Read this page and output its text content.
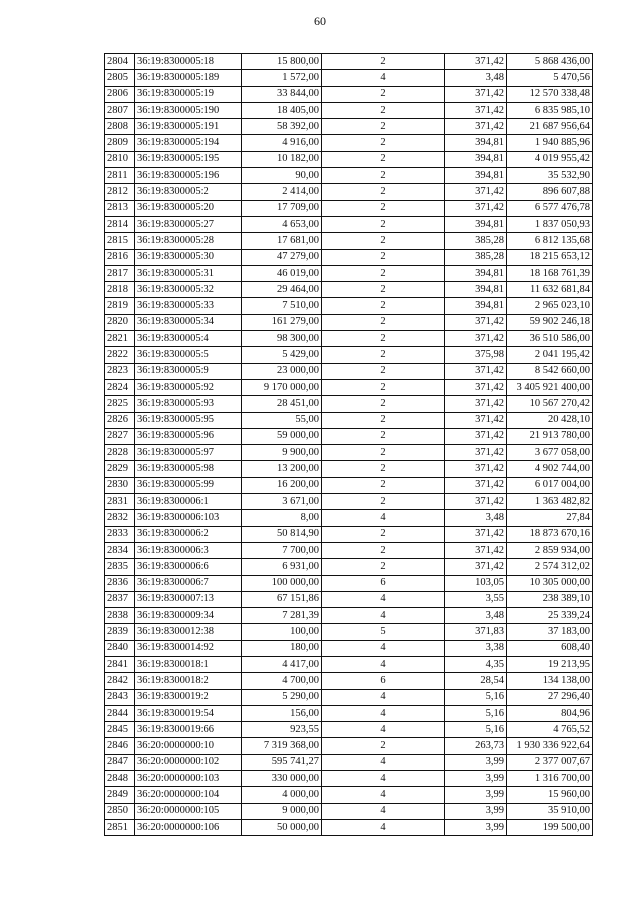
60
2804	36:19:8300005:18	15 800,00	2	371,42	5 868 436,00
2805	36:19:8300005:189	1 572,00	4	3,48	5 470,56
2806	36:19:8300005:19	33 844,00	2	371,42	12 570 338,48
2807	36:19:8300005:190	18 405,00	2	371,42	6 835 985,10
2808	36:19:8300005:191	58 392,00	2	371,42	21 687 956,64
2809	36:19:8300005:194	4 916,00	2	394,81	1 940 885,96
2810	36:19:8300005:195	10 182,00	2	394,81	4 019 955,42
2811	36:19:8300005:196	90,00	2	394,81	35 532,90
2812	36:19:8300005:2	2 414,00	2	371,42	896 607,88
2813	36:19:8300005:20	17 709,00	2	371,42	6 577 476,78
2814	36:19:8300005:27	4 653,00	2	394,81	1 837 050,93
2815	36:19:8300005:28	17 681,00	2	385,28	6 812 135,68
2816	36:19:8300005:30	47 279,00	2	385,28	18 215 653,12
2817	36:19:8300005:31	46 019,00	2	394,81	18 168 761,39
2818	36:19:8300005:32	29 464,00	2	394,81	11 632 681,84
2819	36:19:8300005:33	7 510,00	2	394,81	2 965 023,10
2820	36:19:8300005:34	161 279,00	2	371,42	59 902 246,18
2821	36:19:8300005:4	98 300,00	2	371,42	36 510 586,00
2822	36:19:8300005:5	5 429,00	2	375,98	2 041 195,42
2823	36:19:8300005:9	23 000,00	2	371,42	8 542 660,00
2824	36:19:8300005:92	9 170 000,00	2	371,42	3 405 921 400,00
2825	36:19:8300005:93	28 451,00	2	371,42	10 567 270,42
2826	36:19:8300005:95	55,00	2	371,42	20 428,10
2827	36:19:8300005:96	59 000,00	2	371,42	21 913 780,00
2828	36:19:8300005:97	9 900,00	2	371,42	3 677 058,00
2829	36:19:8300005:98	13 200,00	2	371,42	4 902 744,00
2830	36:19:8300005:99	16 200,00	2	371,42	6 017 004,00
2831	36:19:8300006:1	3 671,00	2	371,42	1 363 482,82
2832	36:19:8300006:103	8,00	4	3,48	27,84
2833	36:19:8300006:2	50 814,90	2	371,42	18 873 670,16
2834	36:19:8300006:3	7 700,00	2	371,42	2 859 934,00
2835	36:19:8300006:6	6 931,00	2	371,42	2 574 312,02
2836	36:19:8300006:7	100 000,00	6	103,05	10 305 000,00
2837	36:19:8300007:13	67 151,86	4	3,55	238 389,10
2838	36:19:8300009:34	7 281,39	4	3,48	25 339,24
2839	36:19:8300012:38	100,00	5	371,83	37 183,00
2840	36:19:8300014:92	180,00	4	3,38	608,40
2841	36:19:8300018:1	4 417,00	4	4,35	19 213,95
2842	36:19:8300018:2	4 700,00	6	28,54	134 138,00
2843	36:19:8300019:2	5 290,00	4	5,16	27 296,40
2844	36:19:8300019:54	156,00	4	5,16	804,96
2845	36:19:8300019:66	923,55	4	5,16	4 765,52
2846	36:20:0000000:10	7 319 368,00	2	263,73	1 930 336 922,64
2847	36:20:0000000:102	595 741,27	4	3,99	2 377 007,67
2848	36:20:0000000:103	330 000,00	4	3,99	1 316 700,00
2849	36:20:0000000:104	4 000,00	4	3,99	15 960,00
2850	36:20:0000000:105	9 000,00	4	3,99	35 910,00
2851	36:20:0000000:106	50 000,00	4	3,99	199 500,00
